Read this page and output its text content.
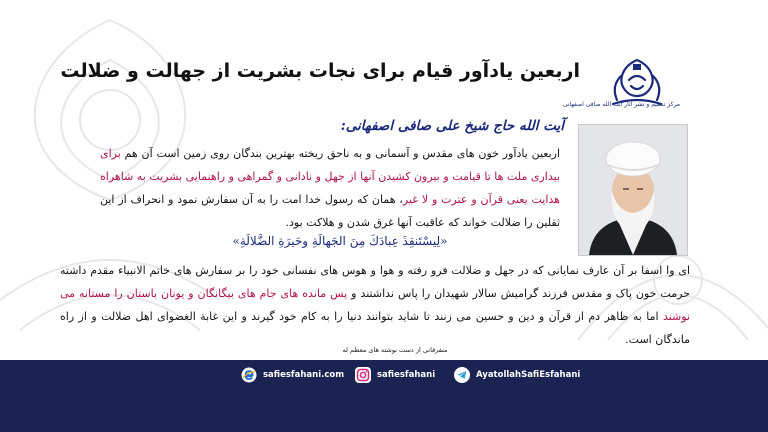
اربعین یادآور قیام برای نجات بشریت از جهالت و ضلالت
مرکز تنظیم و نشر آثار آیت الله صافی اصفهانی
آیت الله حاج شیخ علی صافی اصفهانی:
اربعین یادآور خون های مقدس و آسمانی و به ناحق ریخته بهترین بندگان روی زمین است آن هم برای بیداری ملت ها تا قیامت و بیرون کشیدن آنها از جهل و نادانی و گمراهی و راهنمایی بشریت به شاهراه هدایت یعنی قرآن و عترت و لا غیر، همان که رسول خدا امت را به آن سفارش نمود و انحراف از این ثقلین را ضلالت خواند که عاقبت آنها غرق شدن و هلاکت بود.
«لِیسْتَنقِذَ عِبادَكَ مِنَ الجَهالَةِ وحَیرَةِ الضَّلالَةِ»
ای وا اسفا بر آن عارف نمایانی که در جهل و ضلالت فرو رفته و هوا و هوس های نفسانی خود را بر سفارش های خاتم الانبیاء مقدم داشته حرمت خون پاک و مقدس فرزند گرامیش سالار شهیدان را پاس نداشتند و پس مانده های جام های بیگانگان و یونان باستان را مستانه می نوشند اما به ظاهر دم از قرآن و دین و حسین می زنند تا شاید بتوانند دنیا را به کام خود گیرند و این غابة الغضوای اهل ضلالت و از راه ماندگان است.
متفرقاتی از دست نوشته های معظم له
safiesfahani.com	safiesfahani	AyatollahSafiEsfahani
